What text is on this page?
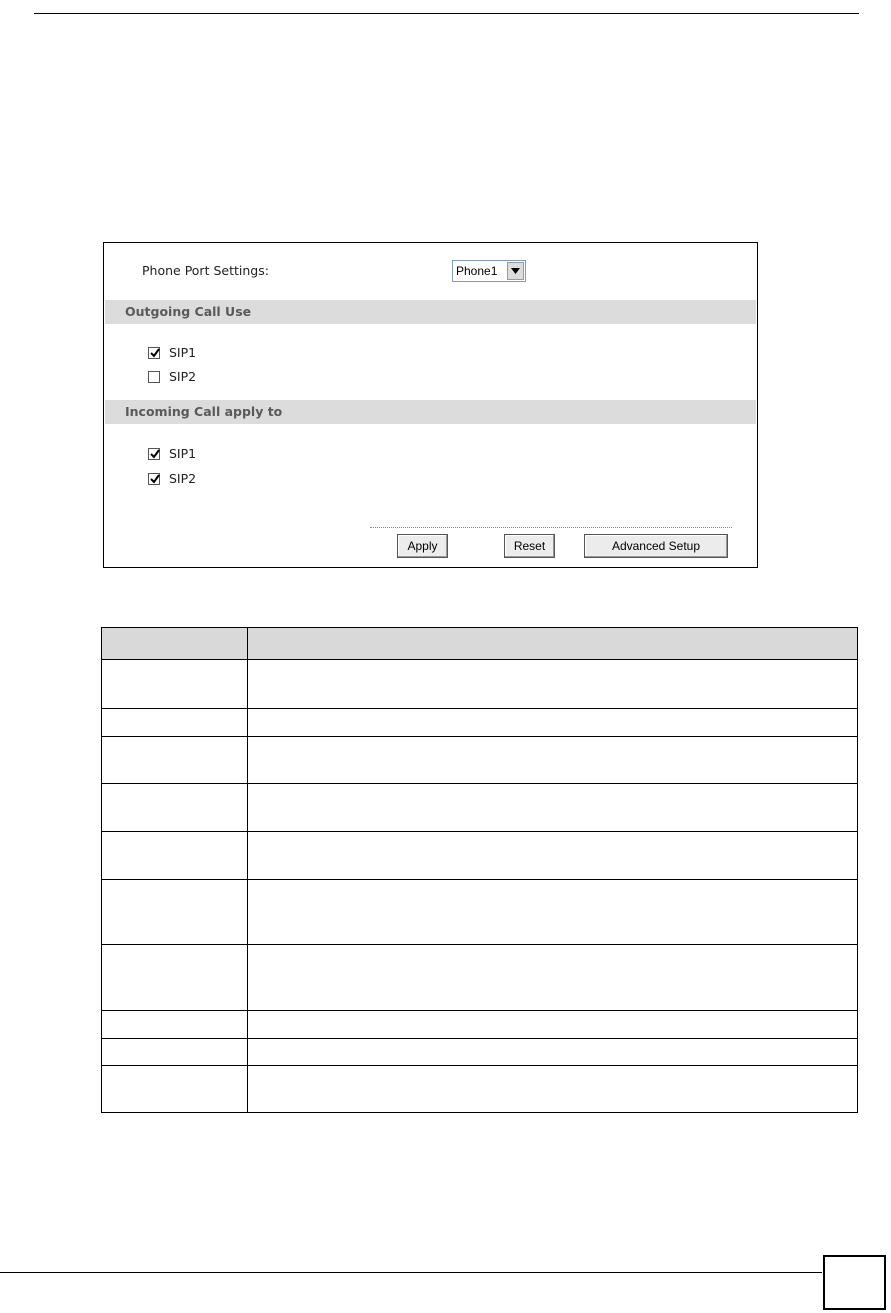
Phone Port Settings:	Phone1
Outgoing Call Use
SIP1
SIP2
Incoming Call apply to
SIP1
SIP2
Apply	Reset	Advanced Setup
